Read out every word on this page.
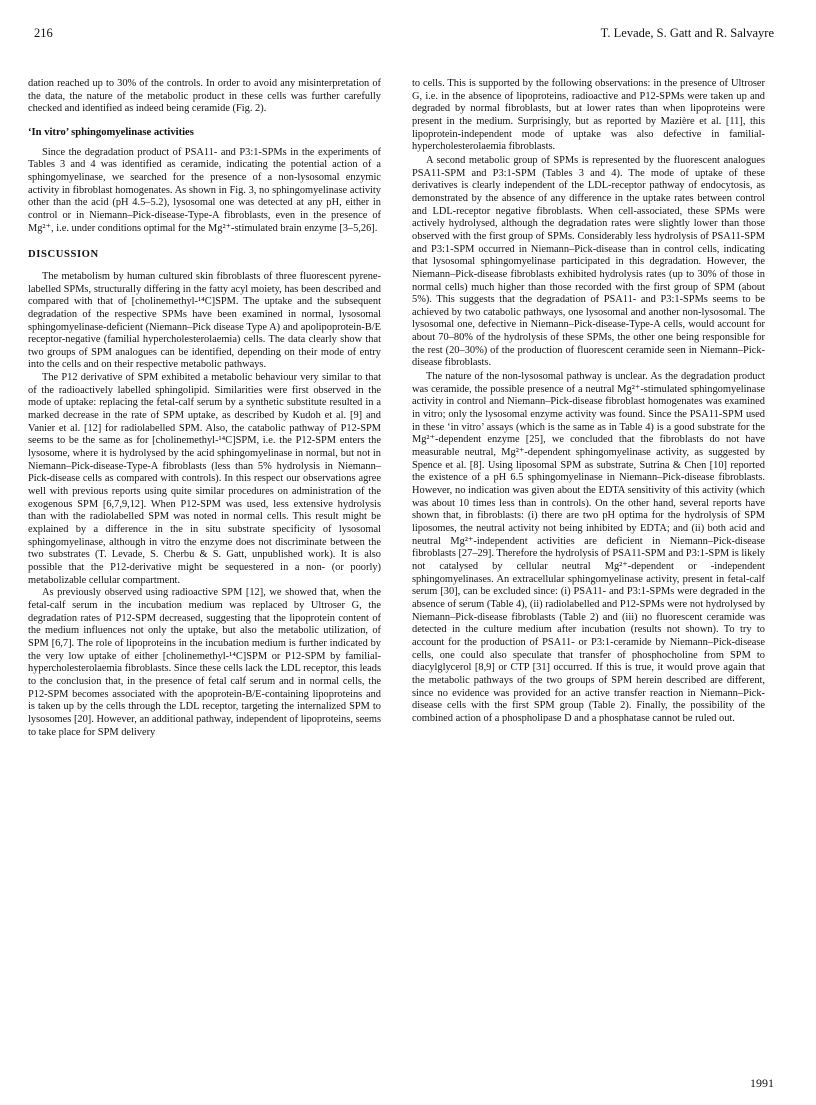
216	T. Levade, S. Gatt and R. Salvayre

dation reached up to 30% of the controls. In order to avoid any misinterpretation of the data, the nature of the metabolic product in these cells was further carefully checked and identified as indeed being ceramide (Fig. 2).

‘In vitro’ sphingomyelinase activities

Since the degradation product of PSA11- and P3:1-SPMs in the experiments of Tables 3 and 4 was identified as ceramide, indicating the potential action of a sphingomyelinase, we searched for the presence of a non-lysosomal enzymic activity in fibroblast homogenates. As shown in Fig. 3, no sphingomyelinase activity other than the acid (pH 4.5–5.2), lysosomal one was detected at any pH, either in control or in Niemann–Pick-disease-Type-A fibroblasts, even in the presence of Mg²⁺, i.e. under conditions optimal for the Mg²⁺-stimulated brain enzyme [3–5,26].

DISCUSSION

The metabolism by human cultured skin fibroblasts of three fluorescent pyrene-labelled SPMs, structurally differing in the fatty acyl moiety, has been described and compared with that of [cholinemethyl-¹⁴C]SPM. The uptake and the subsequent degradation of the respective SPMs have been examined in normal, lysosomal sphingomyelinase-deficient (Niemann–Pick disease Type A) and apolipoprotein-B/E receptor-negative (familial hypercholesterolaemia) cells. The data clearly show that two groups of SPM analogues can be identified, depending on their mode of entry into the cells and on their respective metabolic pathways.

The P12 derivative of SPM exhibited a metabolic behaviour very similar to that of the radioactively labelled sphingolipid. Similarities were first observed in the mode of uptake: replacing the fetal-calf serum by a synthetic substitute resulted in a marked decrease in the rate of SPM uptake, as described by Kudoh et al. [9] and Vanier et al. [12] for radiolabelled SPM. Also, the catabolic pathway of P12-SPM seems to be the same as for [cholinemethyl-¹⁴C]SPM, i.e. the P12-SPM enters the lysosome, where it is hydrolysed by the acid sphingomyelinase in normal, but not in Niemann–Pick-disease-Type-A fibroblasts (less than 5% hydrolysis in Niemann–Pick-disease cells as compared with controls). In this respect our observations agree well with previous reports using quite similar procedures on administration of the exogenous SPM [6,7,9,12]. When P12-SPM was used, less extensive hydrolysis than with the radiolabelled SPM was noted in normal cells. This result might be explained by a difference in the in situ substrate specificity of lysosomal sphingomyelinase, although in vitro the enzyme does not discriminate between the two substrates (T. Levade, S. Cherbu & S. Gatt, unpublished work). It is also possible that the P12-derivative might be sequestered in a non- (or poorly) metabolizable cellular compartment.

As previously observed using radioactive SPM [12], we showed that, when the fetal-calf serum in the incubation medium was replaced by Ultroser G, the degradation rates of P12-SPM decreased, suggesting that the lipoprotein content of the medium influences not only the uptake, but also the metabolic utilization, of SPM [6,7]. The role of lipoproteins in the incubation medium is further indicated by the very low uptake of either [cholinemethyl-¹⁴C]SPM or P12-SPM by familial-hypercholesterolaemia fibroblasts. Since these cells lack the LDL receptor, this leads to the conclusion that, in the presence of fetal calf serum and in normal cells, the P12-SPM becomes associated with the apoprotein-B/E-containing lipoproteins and is taken up by the cells through the LDL receptor, targeting the internalized SPM to lysosomes [20]. However, an additional pathway, independent of lipoproteins, seems to take place for SPM delivery

to cells. This is supported by the following observations: in the presence of Ultroser G, i.e. in the absence of lipoproteins, radioactive and P12-SPMs were taken up and degraded by normal fibroblasts, but at lower rates than when lipoproteins were present in the medium. Surprisingly, but as reported by Mazière et al. [11], this lipoprotein-independent mode of uptake was also defective in familial-hypercholesterolaemia fibroblasts.

A second metabolic group of SPMs is represented by the fluorescent analogues PSA11-SPM and P3:1-SPM (Tables 3 and 4). The mode of uptake of these derivatives is clearly independent of the LDL-receptor pathway of endocytosis, as demonstrated by the absence of any difference in the uptake rates between control and LDL-receptor negative fibroblasts. When cell-associated, these SPMs were actively hydrolysed, although the degradation rates were slightly lower than those observed with the first group of SPMs. Considerably less hydrolysis of PSA11-SPM and P3:1-SPM occurred in Niemann–Pick-disease than in control cells, indicating that lysosomal sphingomyelinase participated in this degradation. However, the Niemann–Pick-disease fibroblasts exhibited hydrolysis rates (up to 30% of those in normal cells) much higher than those recorded with the first group of SPM (about 5%). This suggests that the degradation of PSA11- and P3:1-SPMs seems to be achieved by two catabolic pathways, one lysosomal and another non-lysosomal. The lysosomal one, defective in Niemann–Pick-disease-Type-A cells, would account for about 70–80% of the hydrolysis of these SPMs, the other one being responsible for the rest (20–30%) of the production of fluorescent ceramide seen in Niemann–Pick-disease fibroblasts.

The nature of the non-lysosomal pathway is unclear. As the degradation product was ceramide, the possible presence of a neutral Mg²⁺-stimulated sphingomyelinase activity in control and Niemann–Pick-disease fibroblast homogenates was examined in vitro; only the lysosomal enzyme activity was found. Since the PSA11-SPM used in these ‘in vitro’ assays (which is the same as in Table 4) is a good substrate for the Mg²⁺-dependent enzyme [25], we concluded that the fibroblasts do not have measurable neutral, Mg²⁺-dependent sphingomyelinase activity, as suggested by Spence et al. [8]. Using liposomal SPM as substrate, Sutrina & Chen [10] reported the existence of a pH 6.5 sphingomyelinase in Niemann–Pick-disease fibroblasts. However, no indication was given about the EDTA sensitivity of this activity (which was about 10 times less than in controls). On the other hand, several reports have shown that, in fibroblasts: (i) there are two pH optima for the hydrolysis of SPM liposomes, the neutral activity not being inhibited by EDTA; and (ii) both acid and neutral Mg²⁺-independent activities are deficient in Niemann–Pick-disease fibroblasts [27–29]. Therefore the hydrolysis of PSA11-SPM and P3:1-SPM is likely not catalysed by cellular neutral Mg²⁺-dependent or -independent sphingomyelinases. An extracellular sphingomyelinase activity, present in fetal-calf serum [30], can be excluded since: (i) PSA11- and P3:1-SPMs were degraded in the absence of serum (Table 4), (ii) radiolabelled and P12-SPMs were not hydrolysed by Niemann–Pick-disease fibroblasts (Table 2) and (iii) no fluorescent ceramide was detected in the culture medium after incubation (results not shown). To try to account for the production of PSA11- or P3:1-ceramide by Niemann–Pick-disease cells, one could also speculate that transfer of phosphocholine from SPM to diacylglycerol [8,9] or CTP [31] occurred. If this is true, it would prove again that the metabolic pathways of the two groups of SPM herein described are different, since no evidence was provided for an active transfer reaction in Niemann–Pick-disease cells with the first SPM group (Table 2). Finally, the possibility of the combined action of a phospholipase D and a phosphatase cannot be ruled out.

1991
